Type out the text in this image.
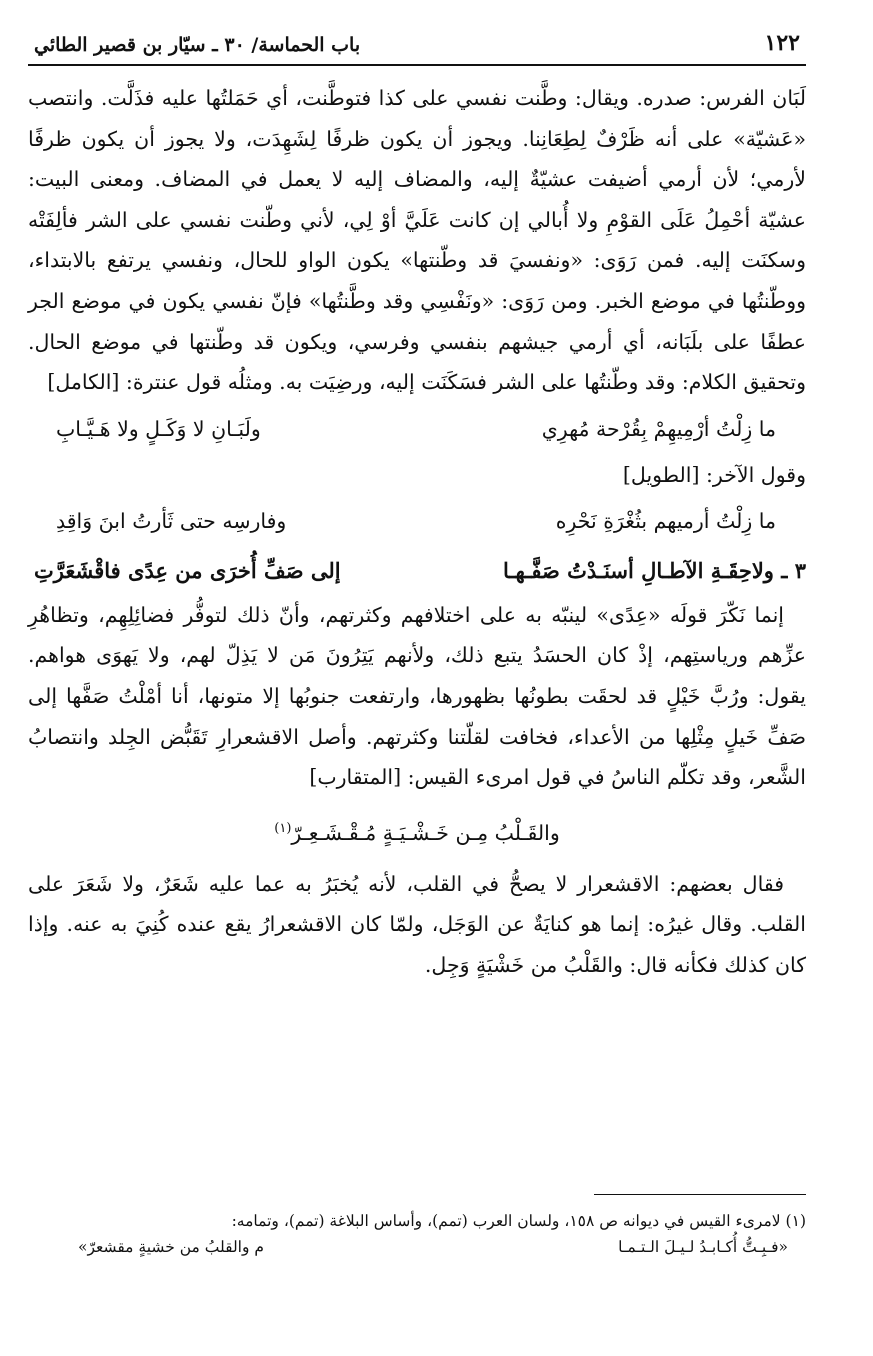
١٢٢
باب الحماسة/ ٣٠ ـ سيّار بن قصير الطائي

لَبَان الفرس: صدره. ويقال: وطَّنت نفسي على كذا فتوطَّنت، أي حَمَلتُها عليه فذَلَّت. وانتصب «عَشيّة» على أنه ظَرْفٌ لِطِعَانِنا. ويجوز أن يكون ظرفًا لِشَهِدَت، ولا يجوز أن يكون ظرفًا لأرمي؛ لأن أرمي أضيفت عشيّةٌ إليه، والمضاف إليه لا يعمل في المضاف. ومعنى البيت: عشيّة أحْمِلُ عَلَى القوْمِ ولا أُبالي إن كانت عَلَيَّ أوْ لِي، لأني وطّنت نفسي على الشر فألِفَتْه وسكنَت إليه. فمن رَوَى: «ونفسيَ قد وطّنتها» يكون الواو للحال، ونفسي يرتفع بالابتداء، ووطّنتُها في موضع الخبر. ومن رَوَى: «ونَفْسِي وقد وطَّنتُها» فإنّ نفسي يكون في موضع الجر عطفًا على بلَبَانه، أي أرمي جيشهم بنفسي وفرسي، ويكون قد وطّنتها في موضع الحال. وتحقيق الكلام: وقد وطّنتُها على الشر فسَكَنَت إليه، ورضِيَت به. ومثلُه قول عنترة: [الكامل]

ما زِلْتُ أرْمِيهِمْ بِقُرْحة مُهرِي
ولَبَـانِ لا وَكَـلٍ ولا هَـيَّـابِ

وقول الآخر: [الطويل]

ما زِلْتُ أرميهم بثُغْرَةِ نَحْرِه
وفارسِه حتى ثَأرتُ ابنَ وَاقِدِ
٣ ـ ولاحِقَـةِ الآطـالِ أسنَـدْتُ صَفَّـهـا
إلى صَفِّ أُخرَى من عِدًى فاقْشَعَرَّتِ

إنما نَكّرَ قولَه «عِدًى» لينبّه به على اختلافهم وكثرتهم، وأنّ ذلك لتوفُّر فضائِلِهِم، وتظاهُرِ عزِّهم ورياستِهم، إذْ كان الحسَدُ يتبع ذلك، ولأنهم يَتِرُونَ مَن لا يَذِلّ لهم، ولا يَهوَى هواهم. يقول: ورُبَّ خَيْلٍ قد لحقَت بطونُها بظهورها، وارتفعت جنوبُها إلا متونها، أنا أمْلْتُ صَفَّها إلى صَفِّ خَيلٍ مِثْلِها من الأعداء، فخافت لقلّتنا وكثرتهم. وأصل الاقشعرارِ تَقَبُّض الجِلد وانتصابُ الشَّعر، وقد تكلّم الناسُ في قول امرىء القيس: [المتقارب]

والقَـلْبُ مِـن خَـشْـيَـةٍ مُـقْـشَـعِـرّ$^{(١)}$

فقال بعضهم: الاقشعرار لا يصحُّ في القلب، لأنه يُخبَرُ به عما عليه شَعَرٌ، ولا شَعَرَ على القلب. وقال غيرُه: إنما هو كنايَةٌ عن الوَجَل، ولمّا كان الاقشعرارُ يقع عنده كُنِيَ به عنه. وإذا كان كذلك فكأنه قال: والقَلْبُ من خَشْيَةٍ وَجِل.

(١) لامرىء القيس في ديوانه ص ١٥٨، ولسان العرب (تمم)، وأساس البلاغة (تمم)، وتمامه:
«فـبِـتُّ أُكـابـدُ لـيـلَ الـتـمـا
م والقلبُ من خشيةٍ مقشعرّ»
